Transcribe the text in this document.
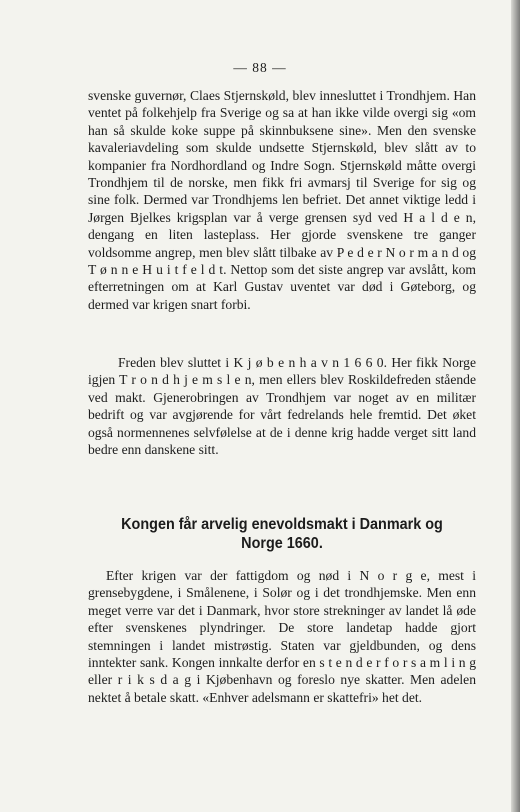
— 88 —

svenske guvernør, Claes Stjernskøld, blev innesluttet i Trondhjem. Han ventet på folkehjelp fra Sverige og sa at han ikke vilde overgi sig «om han så skulde koke suppe på skinnbuksene sine». Men den svenske kavaleriavdeling som skulde undsette Stjernskøld, blev slått av to kompanier fra Nordhordland og Indre Sogn. Stjernskøld måtte overgi Trondhjem til de norske, men fikk fri avmarsj til Sverige for sig og sine folk. Dermed var Trondhjems len befriet. Det annet viktige ledd i Jørgen Bjelkes krigsplan var å verge grensen syd ved H a l d e n, dengang en liten lasteplass. Her gjorde svenskene tre ganger voldsomme angrep, men blev slått tilbake av P e d e r N o r m a n d og T ø n n e H u i t f e l d t. Nettop som det siste angrep var avslått, kom efterretningen om at Karl Gustav uventet var død i Gøteborg, og dermed var krigen snart forbi.

Freden blev sluttet i K j ø b e n h a v n 1 6 6 0. Her fikk Norge igjen T r o n d h j e m s l e n, men ellers blev Roskildefreden stående ved makt. Gjenerobringen av Trondhjem var noget av en militær bedrift og var avgjørende for vårt fedrelands hele fremtid. Det øket også normennenes selvfølelse at de i denne krig hadde verget sitt land bedre enn danskene sitt.

Kongen får arvelig enevoldsmakt i Danmark og Norge 1660.

Efter krigen var der fattigdom og nød i N o r g e, mest i grensebygdene, i Smålenene, i Solør og i det trondhjemske. Men enn meget verre var det i Danmark, hvor store strekninger av landet lå øde efter svenskenes plyndringer. De store landetap hadde gjort stemningen i landet mistrøstig. Staten var gjeldbunden, og dens inntekter sank. Kongen innkalte derfor en s t e n d e r f o r s a m l i n g eller r i k s d a g i Kjøbenhavn og foreslo nye skatter. Men adelen nektet å betale skatt. «Enhver adelsmann er skattefri» het det.
